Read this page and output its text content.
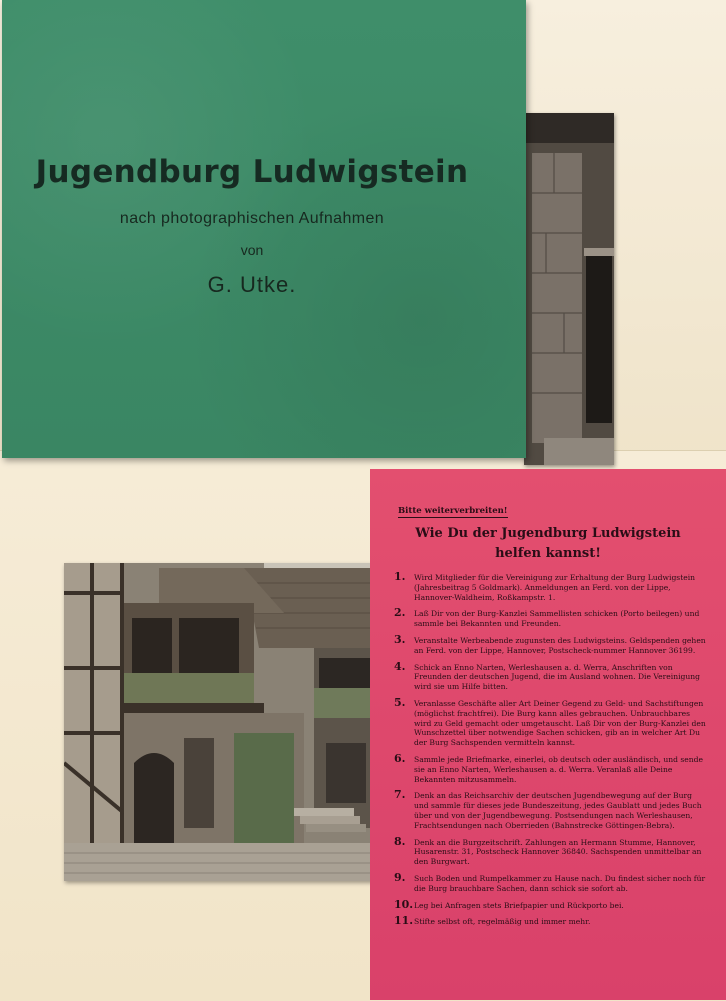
Jugendburg Ludwigstein
nach photographischen Aufnahmen
von
G. Utke.
Bitte weiterverbreiten!
Wie Du der Jugendburg Ludwigstein
helfen kannst!
1. Wird Mitglieder für die Vereinigung zur Erhaltung der Burg Ludwigstein (Jahresbeitrag 5 Goldmark). Anmeldungen an Ferd. von der Lippe, Hannover-Waldheim, Roßkampstr. 1.
2. Laß Dir von der Burg-Kanzlei Sammellisten schicken (Porto beilegen) und sammle bei Bekannten und Freunden.
3. Veranstalte Werbeabende zugunsten des Ludwigsteins. Geldspenden gehen an Ferd. von der Lippe, Hannover, Postscheck-nummer Hannover 36199.
4. Schick an Enno Narten, Werleshausen a. d. Werra, Anschriften von Freunden der deutschen Jugend, die im Ausland wohnen. Die Vereinigung wird sie um Hilfe bitten.
5. Veranlasse Geschäfte aller Art Deiner Gegend zu Geld- und Sachstiftungen (möglichst frachtfrei). Die Burg kann alles gebrauchen. Unbrauchbares wird zu Geld gemacht oder umgetauscht. Laß Dir von der Burg-Kanzlei den Wunschzettel über notwendige Sachen schicken, gib an in welcher Art Du der Burg Sachspenden vermitteln kannst.
6. Sammle jede Briefmarke, einerlei, ob deutsch oder ausländisch, und sende sie an Enno Narten, Werleshausen a. d. Werra. Veranlaß alle Deine Bekannten mitzusammeln.
7. Denk an das Reichsarchiv der deutschen Jugendbewegung auf der Burg und sammle für dieses jede Bundeszeitung, jedes Gaublatt und jedes Buch über und von der Jugendbewegung. Postsendungen nach Werleshausen, Frachtsendungen nach Oberrieden (Bahnstrecke Göttingen-Bebra).
8. Denk an die Burgzeitschrift. Zahlungen an Hermann Stumme, Hannover, Husarenstr. 31, Postscheck Hannover 36840. Sachspenden unmittelbar an den Burgwart.
9. Such Boden und Rumpelkammer zu Hause nach. Du findest sicher noch für die Burg brauchbare Sachen, dann schick sie sofort ab.
10. Leg bei Anfragen stets Briefpapier und Rückporto bei.
11. Stifte selbst oft, regelmäßig und immer mehr.
